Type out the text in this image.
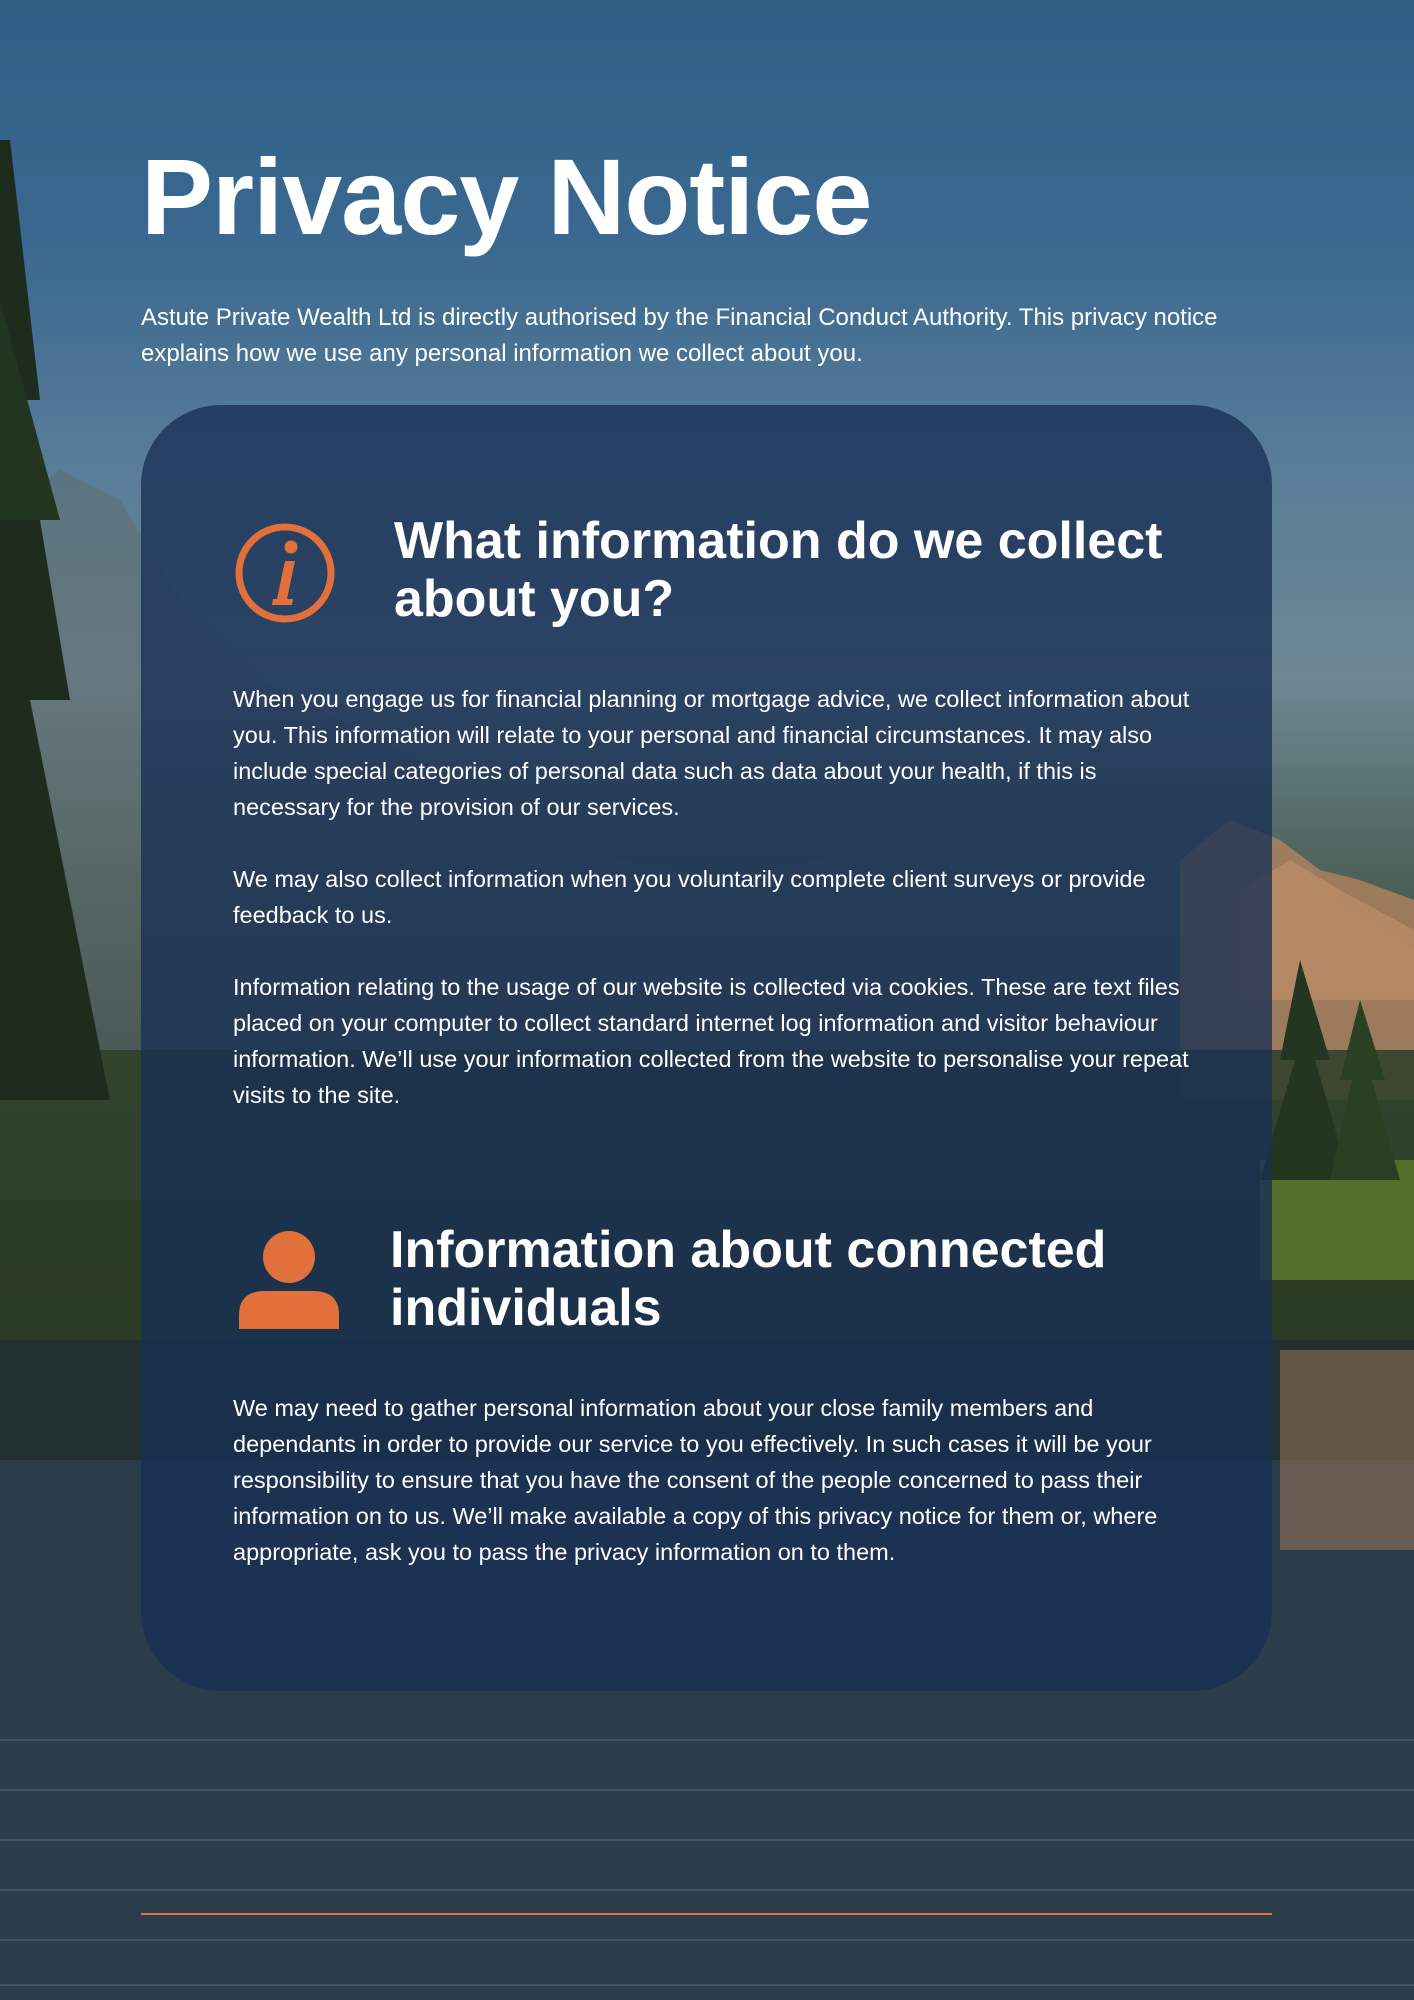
Privacy Notice

Astute Private Wealth Ltd is directly authorised by the Financial Conduct Authority. This privacy notice explains how we use any personal information we collect about you.

What information do we collect about you?

When you engage us for financial planning or mortgage advice, we collect information about you. This information will relate to your personal and financial circumstances. It may also include special categories of personal data such as data about your health, if this is necessary for the provision of our services.

We may also collect information when you voluntarily complete client surveys or provide feedback to us.

Information relating to the usage of our website is collected via cookies. These are text files placed on your computer to collect standard internet log information and visitor behaviour information. We’ll use your information collected from the website to personalise your repeat visits to the site.

Information about connected individuals

We may need to gather personal information about your close family members and dependants in order to provide our service to you effectively. In such cases it will be your responsibility to ensure that you have the consent of the people concerned to pass their information on to us. We’ll make available a copy of this privacy notice for them or, where appropriate, ask you to pass the privacy information on to them.
